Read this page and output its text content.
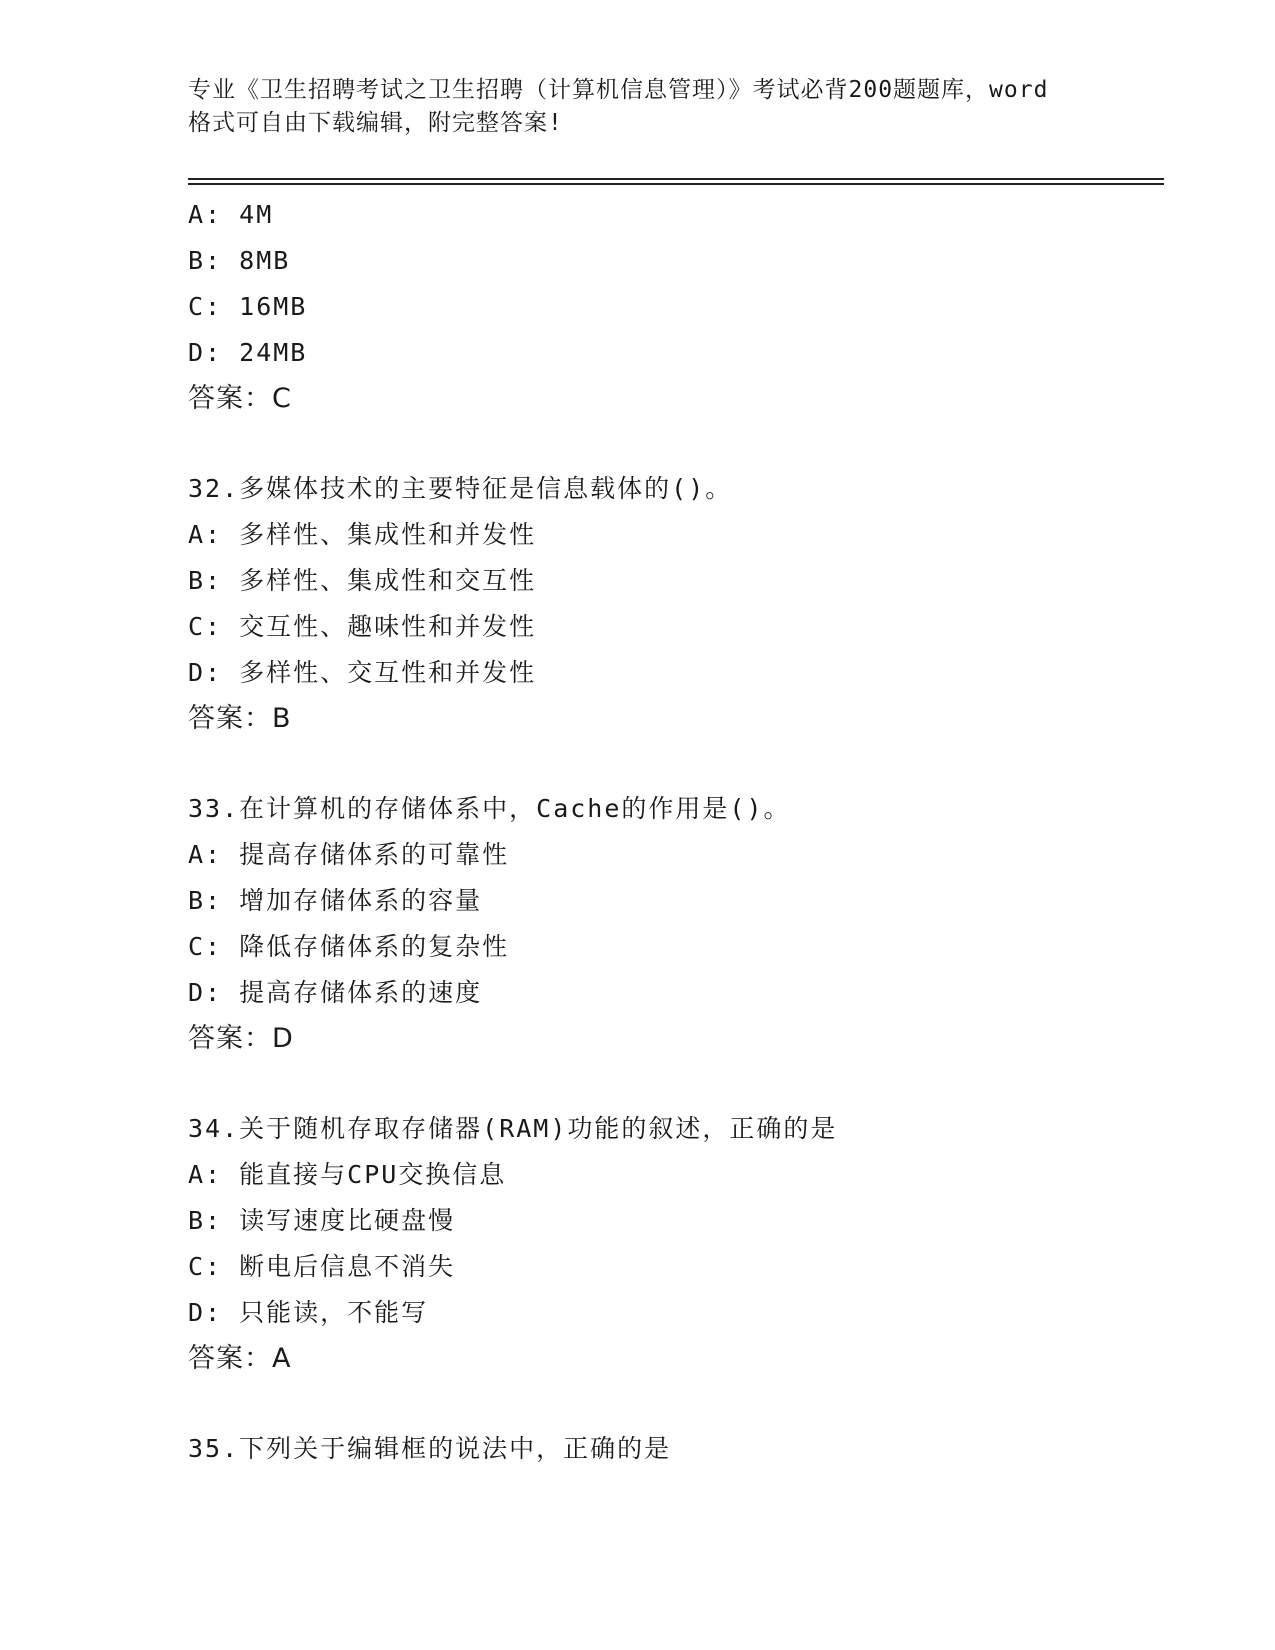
专业《卫生招聘考试之卫生招聘（计算机信息管理）》考试必背200题题库，word
格式可自由下载编辑，附完整答案!
A: 4M
B: 8MB
C: 16MB
D: 24MB
答案：C
32.多媒体技术的主要特征是信息载体的()。
A: 多样性、集成性和并发性
B: 多样性、集成性和交互性
C: 交互性、趣味性和并发性
D: 多样性、交互性和并发性
答案：B
33.在计算机的存储体系中，Cache的作用是()。
A: 提高存储体系的可靠性
B: 增加存储体系的容量
C: 降低存储体系的复杂性
D: 提高存储体系的速度
答案：D
34.关于随机存取存储器(RAM)功能的叙述，正确的是
A: 能直接与CPU交换信息
B: 读写速度比硬盘慢
C: 断电后信息不消失
D: 只能读，不能写
答案：A
35.下列关于编辑框的说法中，正确的是
